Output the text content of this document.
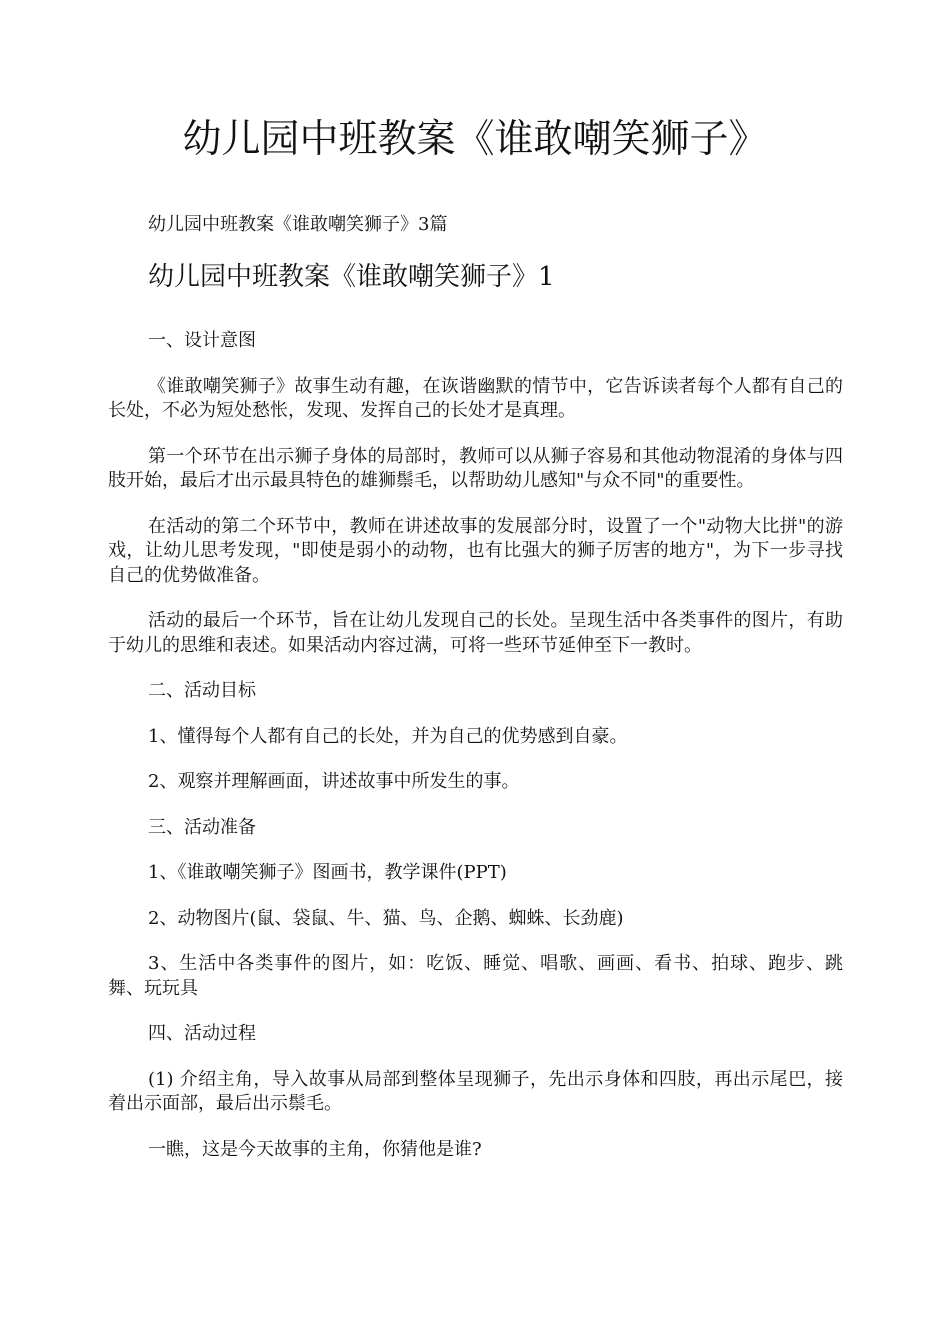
幼儿园中班教案《谁敢嘲笑狮子》

幼儿园中班教案《谁敢嘲笑狮子》3篇

幼儿园中班教案《谁敢嘲笑狮子》1

一、设计意图

《谁敢嘲笑狮子》故事生动有趣，在诙谐幽默的情节中，它告诉读者每个人都有自己的长处，不必为短处愁怅，发现、发挥自己的长处才是真理。

第一个环节在出示狮子身体的局部时，教师可以从狮子容易和其他动物混淆的身体与四肢开始，最后才出示最具特色的雄狮鬃毛，以帮助幼儿感知"与众不同"的重要性。

在活动的第二个环节中，教师在讲述故事的发展部分时，设置了一个"动物大比拼"的游戏，让幼儿思考发现，"即使是弱小的动物，也有比强大的狮子厉害的地方"，为下一步寻找自己的优势做准备。

活动的最后一个环节，旨在让幼儿发现自己的长处。呈现生活中各类事件的图片，有助于幼儿的思维和表述。如果活动内容过满，可将一些环节延伸至下一教时。

二、活动目标

1、懂得每个人都有自己的长处，并为自己的优势感到自豪。

2、观察并理解画面，讲述故事中所发生的事。

三、活动准备

1、《谁敢嘲笑狮子》图画书，教学课件(PPT)

2、动物图片(鼠、袋鼠、牛、猫、鸟、企鹅、蜘蛛、长劲鹿)

3、生活中各类事件的图片，如：吃饭、睡觉、唱歌、画画、看书、拍球、跑步、跳舞、玩玩具

四、活动过程

(1) 介绍主角，导入故事从局部到整体呈现狮子，先出示身体和四肢，再出示尾巴，接着出示面部，最后出示鬃毛。

一瞧，这是今天故事的主角，你猜他是谁?
